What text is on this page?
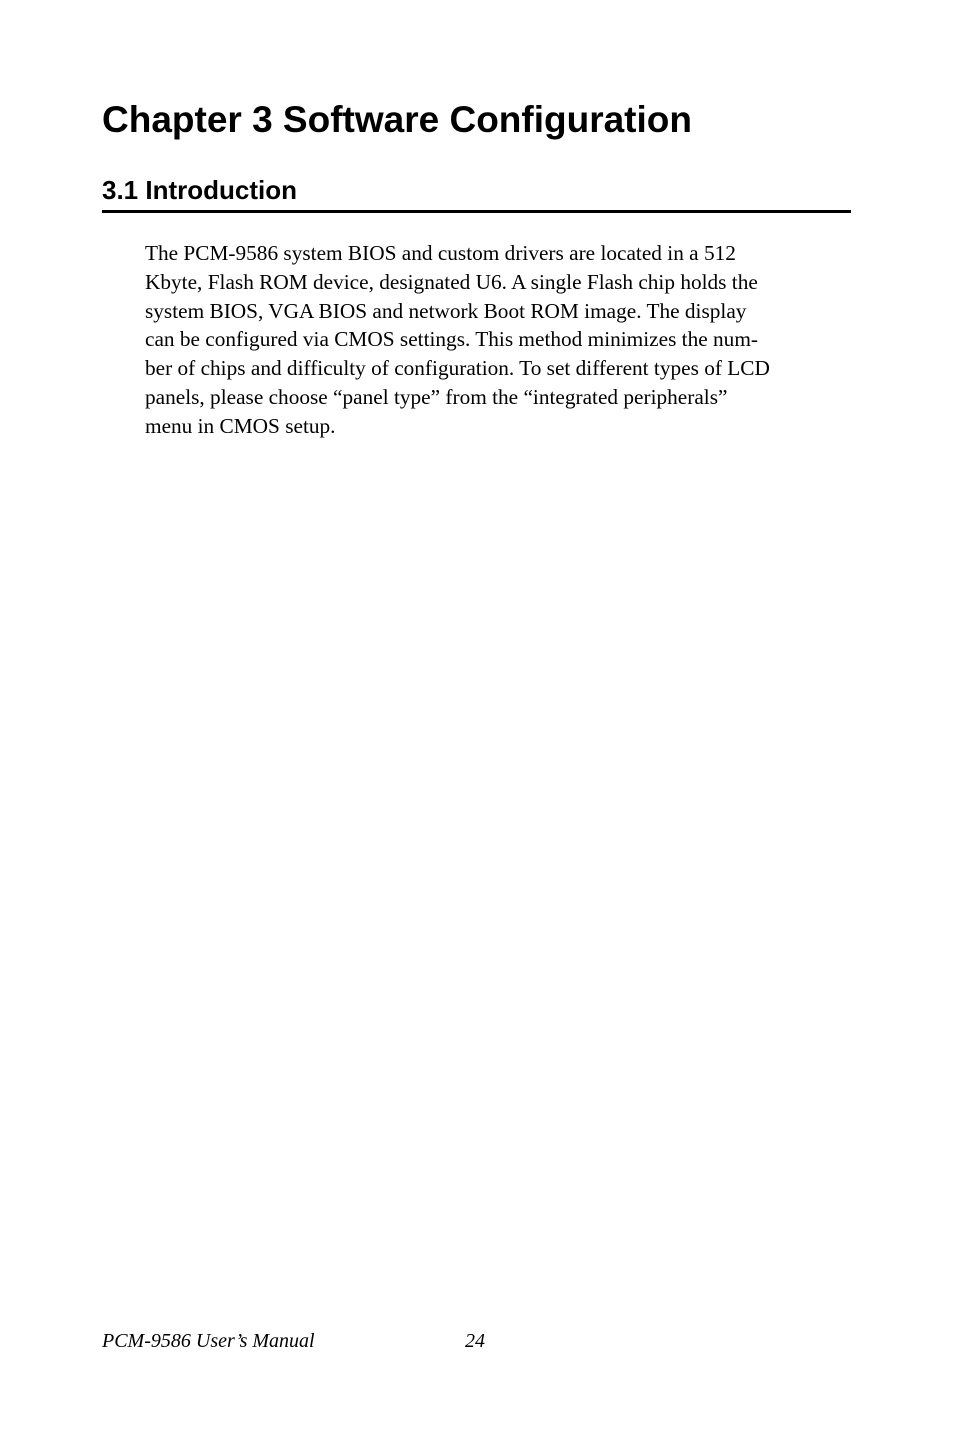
Chapter 3 Software Configuration
3.1 Introduction

The PCM-9586 system BIOS and custom drivers are located in a 512
Kbyte, Flash ROM device, designated U6. A single Flash chip holds the
system BIOS, VGA BIOS and network Boot ROM image. The display
can be configured via CMOS settings. This method minimizes the num-
ber of chips and difficulty of configuration. To set different types of LCD
panels, please choose “panel type” from the “integrated peripherals”
menu in CMOS setup.

PCM-9586 User’s Manual	24
